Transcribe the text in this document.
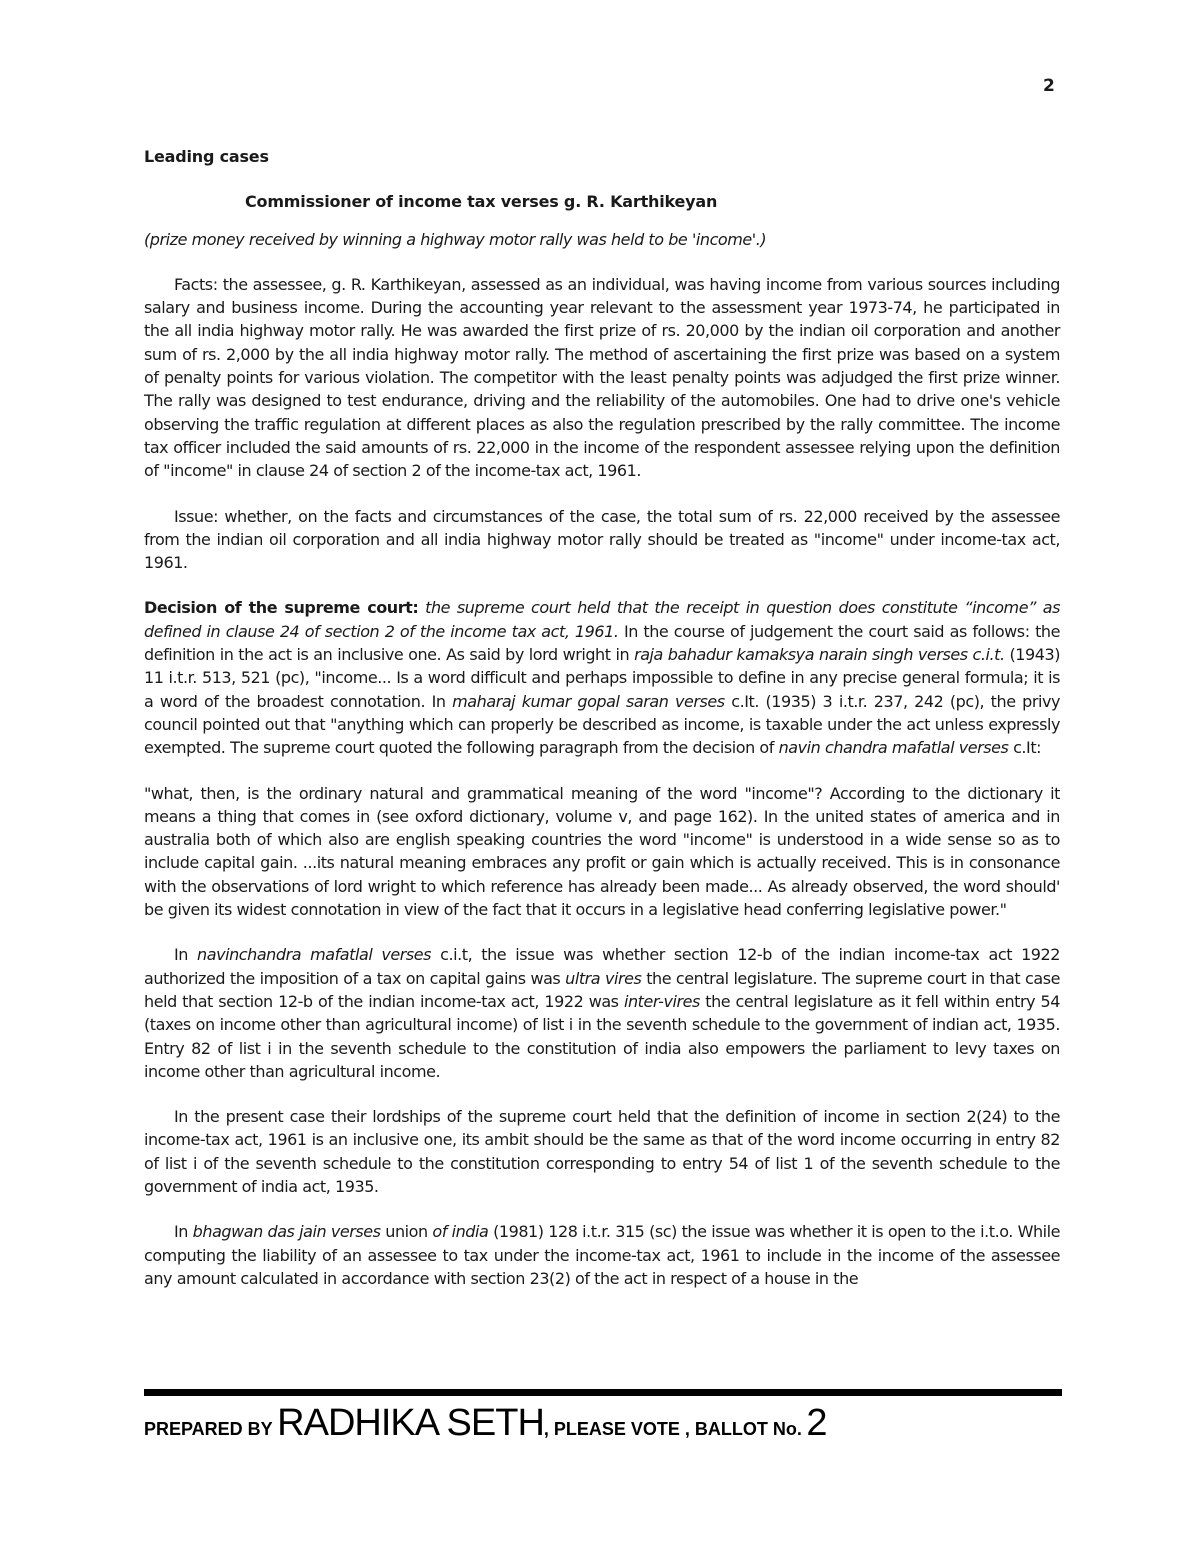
2

Leading cases

Commissioner of income tax verses g. R. Karthikeyan

(prize money received by winning a highway motor rally was held to be 'income'.)

Facts: the assessee, g. R. Karthikeyan, assessed as an individual, was having income from various sources including salary and business income. During the accounting year relevant to the assessment year 1973-74, he participated in the all india highway motor rally. He was awarded the first prize of rs. 20,000 by the indian oil corporation and another sum of rs. 2,000 by the all india highway motor rally. The method of ascertaining the first prize was based on a system of penalty points for various violation. The competitor with the least penalty points was adjudged the first prize winner. The rally was designed to test endurance, driving and the reliability of the automobiles. One had to drive one's vehicle observing the traffic regulation at different places as also the regulation prescribed by the rally committee. The income tax officer included the said amounts of rs. 22,000 in the income of the respondent assessee relying upon the definition of "income" in clause 24 of section 2 of the income-tax act, 1961.

Issue: whether, on the facts and circumstances of the case, the total sum of rs. 22,000 received by the assessee from the indian oil corporation and all india highway motor rally should be treated as "income" under income-tax act, 1961.

Decision of the supreme court: the supreme court held that the receipt in question does constitute “income” as defined in clause 24 of section 2 of the income tax act, 1961. In the course of judgement the court said as follows: the definition in the act is an inclusive one. As said by lord wright in raja bahadur kamaksya narain singh verses c.i.t. (1943) 11 i.t.r. 513, 521 (pc), "income... Is a word difficult and perhaps impossible to define in any precise general formula; it is a word of the broadest connotation. In maharaj kumar gopal saran verses c.It. (1935) 3 i.t.r. 237, 242 (pc), the privy council pointed out that "anything which can properly be described as income, is taxable under the act unless expressly exempted. The supreme court quoted the following paragraph from the decision of navin chandra mafatlal verses c.It:

"what, then, is the ordinary natural and grammatical meaning of the word "income"? According to the dictionary it means a thing that comes in (see oxford dictionary, volume v, and page 162). In the united states of america and in australia both of which also are english speaking countries the word "income" is understood in a wide sense so as to include capital gain. ...its natural meaning embraces any profit or gain which is actually received. This is in consonance with the observations of lord wright to which reference has already been made... As already observed, the word should' be given its widest connotation in view of the fact that it occurs in a legislative head conferring legislative power."

In navinchandra mafatlal verses c.i.t, the issue was whether section 12-b of the indian income-tax act 1922 authorized the imposition of a tax on capital gains was ultra vires the central legislature. The supreme court in that case held that section 12-b of the indian income-tax act, 1922 was inter-vires the central legislature as it fell within entry 54 (taxes on income other than agricultural income) of list i in the seventh schedule to the government of indian act, 1935. Entry 82 of list i in the seventh schedule to the constitution of india also empowers the parliament to levy taxes on income other than agricultural income.

In the present case their lordships of the supreme court held that the definition of income in section 2(24) to the income-tax act, 1961 is an inclusive one, its ambit should be the same as that of the word income occurring in entry 82 of list i of the seventh schedule to the constitution corresponding to entry 54 of list 1 of the seventh schedule to the government of india act, 1935.

In bhagwan das jain verses union of india (1981) 128 i.t.r. 315 (sc) the issue was whether it is open to the i.t.o. While computing the liability of an assessee to tax under the income-tax act, 1961 to include in the income of the assessee any amount calculated in accordance with section 23(2) of the act in respect of a house in the

PREPARED BY RADHIKA SETH, PLEASE VOTE , BALLOT No. 2
